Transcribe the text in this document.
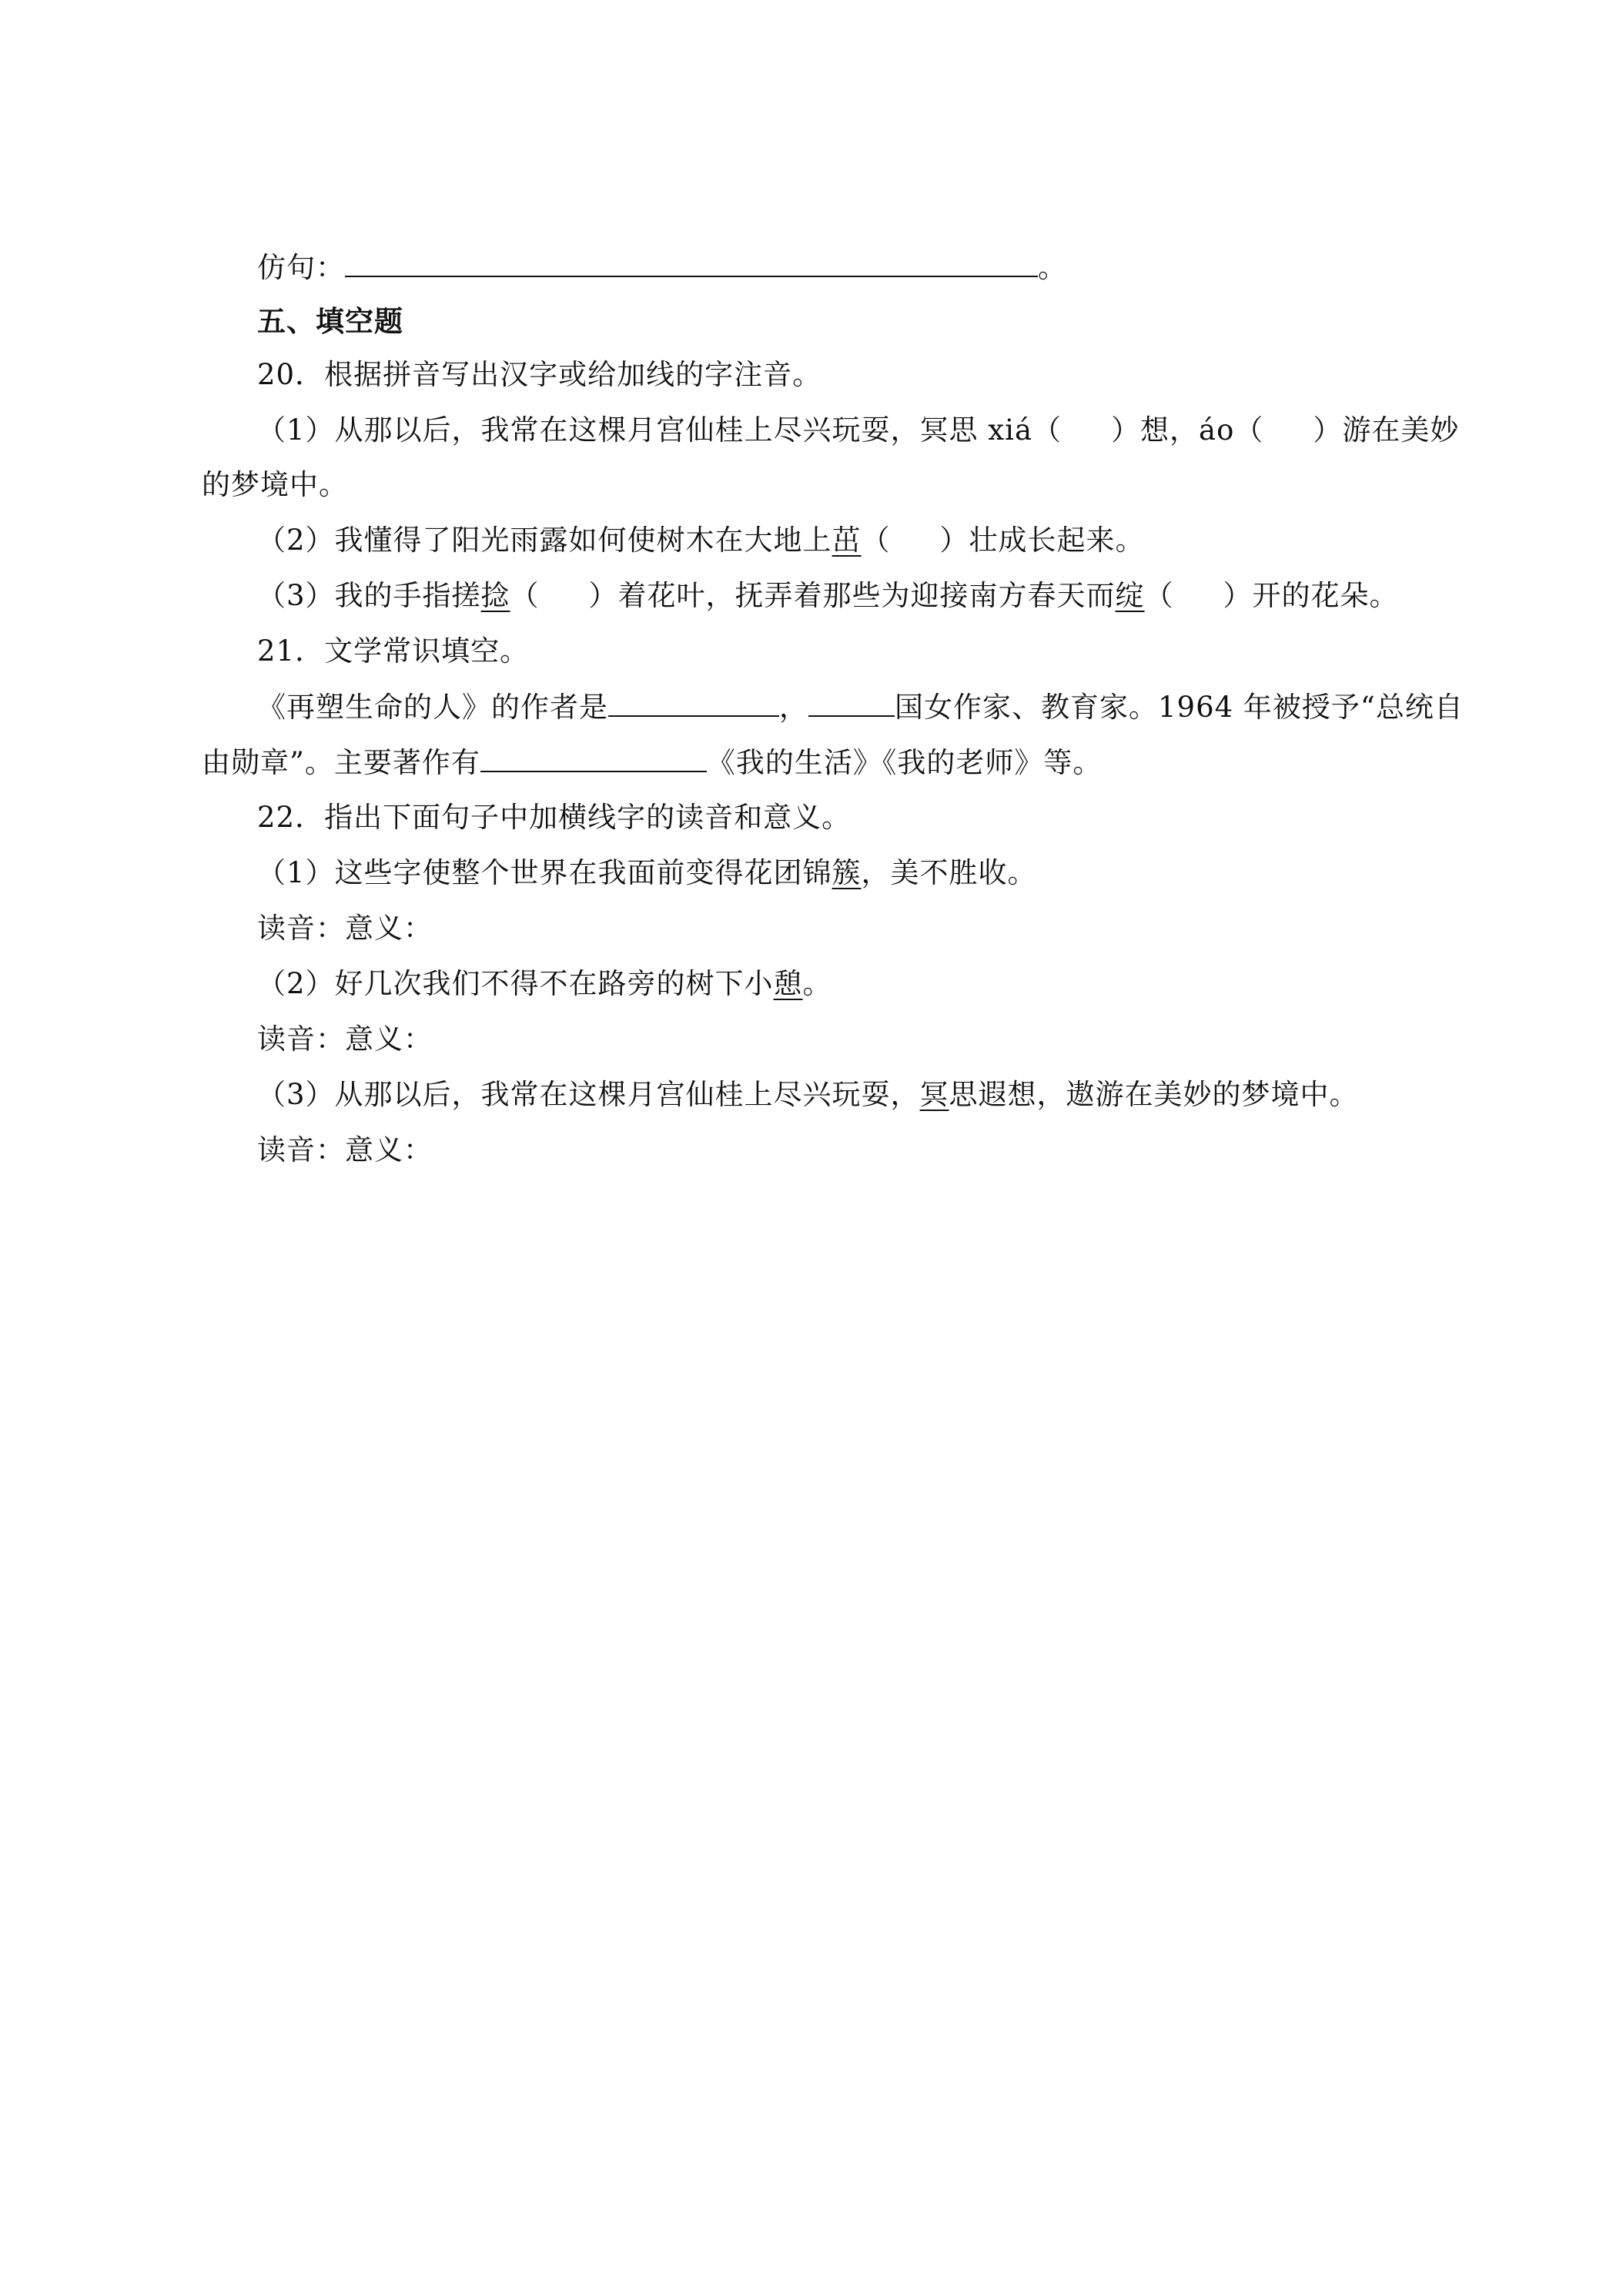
仿句：	。
五、填空题
20．根据拼音写出汉字或给加线的字注音。
（1）从那以后，我常在这棵月宫仙桂上尽兴玩耍，冥思 xiá（ ）想，áo（ ）游在美妙
的梦境中。
（2）我懂得了阳光雨露如何使树木在大地上茁（ ）壮成长起来。
（3）我的手指搓捻（ ）着花叶，抚弄着那些为迎接南方春天而绽（ ）开的花朵。
21．文学常识填空。
《再塑生命的人》的作者是	，	国女作家、教育家。1964 年被授予“总统自
由勋章”。主要著作有	《我的生活》《我的老师》等。
22．指出下面句子中加横线字的读音和意义。
（1）这些字使整个世界在我面前变得花团锦簇，美不胜收。
读音：意义：
（2）好几次我们不得不在路旁的树下小憩。
读音：意义：
（3）从那以后，我常在这棵月宫仙桂上尽兴玩耍，冥思遐想，遨游在美妙的梦境中。
读音：意义：
